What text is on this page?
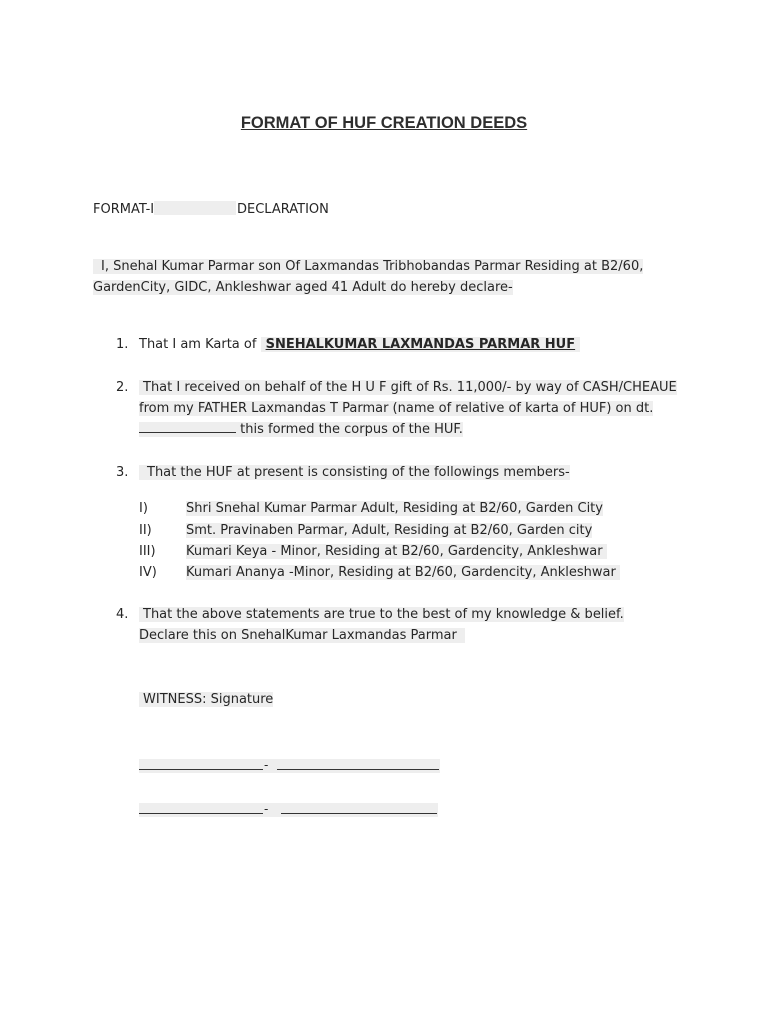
FORMAT OF HUF CREATION DEEDS
FORMAT-I	DECLARATION
I, Snehal Kumar Parmar son Of Laxmandas Tribhobandas Parmar Residing at B2/60,
GardenCity, GIDC, Ankleshwar aged 41 Adult do hereby declare-
1. That I am Karta of SNEHALKUMAR LAXMANDAS PARMAR HUF
2.	That I received on behalf of the H U F gift of Rs. 11,000/- by way of CASH/CHEAUE
from my FATHER Laxmandas T Parmar (name of relative of karta of HUF) on dt.
this formed the corpus of the HUF.
3.	That the HUF at present is consisting of the followings members-
I)	Shri Snehal Kumar Parmar Adult, Residing at B2/60, Garden City
II)	Smt. Pravinaben Parmar, Adult, Residing at B2/60, Garden city
III)	Kumari Keya - Minor, Residing at B2/60, Gardencity, Ankleshwar
IV)	Kumari Ananya -Minor, Residing at B2/60, Gardencity, Ankleshwar
4.	That the above statements are true to the best of my knowledge & belief.
Declare this on SnehalKumar Laxmandas Parmar
WITNESS: Signature
-
-
